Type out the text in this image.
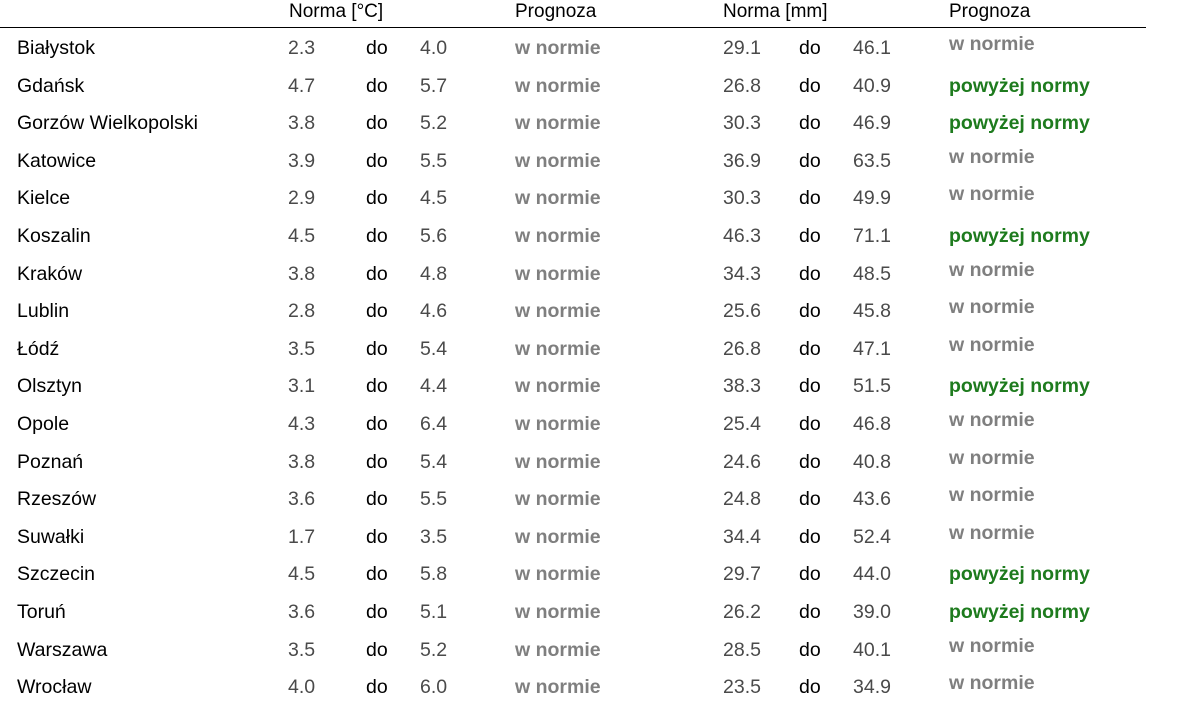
Norma [°C]	Prognoza	Norma [mm]	Prognoza
Białystok	2.3	do 4.0	w normie	29.1 do 46.1	w normie
Gdańsk	4.7	do 5.7	w normie	26.8 do 40.9	powyżej normy
Gorzów Wielkopolski	3.8	do 5.2	w normie	30.3 do 46.9	powyżej normy
Katowice	3.9	do 5.5	w normie	36.9 do 63.5	w normie
Kielce	2.9	do 4.5	w normie	30.3 do 49.9	w normie
Koszalin	4.5	do 5.6	w normie	46.3 do 71.1	powyżej normy
Kraków	3.8	do 4.8	w normie	34.3 do 48.5	w normie
Lublin	2.8	do 4.6	w normie	25.6 do 45.8	w normie
Łódź	3.5	do 5.4	w normie	26.8 do 47.1	w normie
Olsztyn	3.1	do 4.4	w normie	38.3 do 51.5	powyżej normy
Opole	4.3	do 6.4	w normie	25.4 do 46.8	w normie
Poznań	3.8	do 5.4	w normie	24.6 do 40.8	w normie
Rzeszów	3.6	do 5.5	w normie	24.8 do 43.6	w normie
Suwałki	1.7	do 3.5	w normie	34.4 do 52.4	w normie
Szczecin	4.5	do 5.8	w normie	29.7 do 44.0	powyżej normy
Toruń	3.6	do 5.1	w normie	26.2 do 39.0	powyżej normy
Warszawa	3.5	do 5.2	w normie	28.5 do 40.1	w normie
Wrocław	4.0	do 6.0	w normie	23.5 do 34.9	w normie
